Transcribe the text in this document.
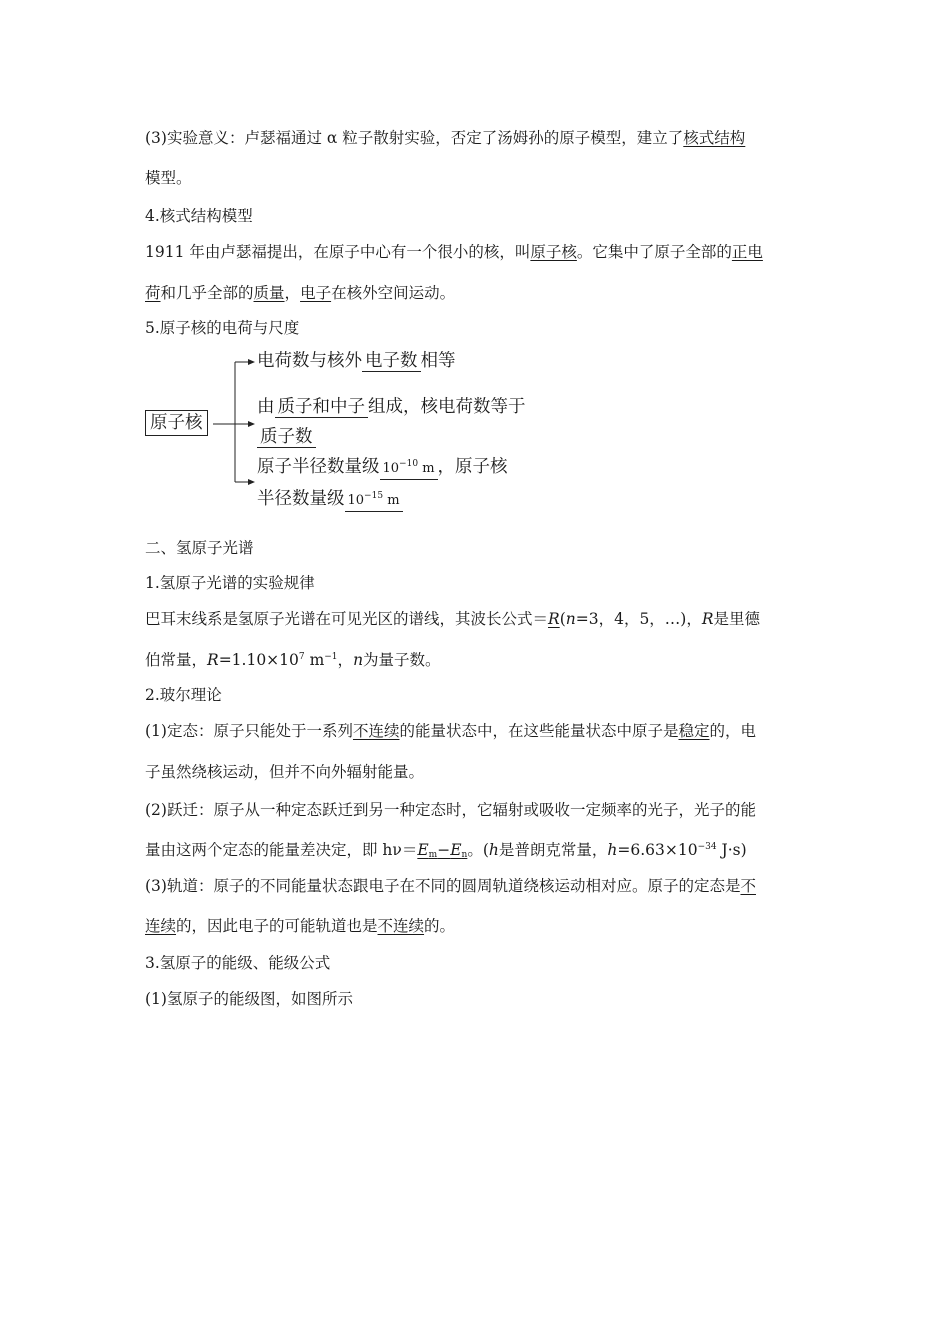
(3)实验意义：卢瑟福通过 α 粒子散射实验，否定了汤姆孙的原子模型，建立了核式结构
模型。
4.核式结构模型
1911 年由卢瑟福提出，在原子中心有一个很小的核，叫原子核。它集中了原子全部的正电
荷和几乎全部的质量，电子在核外空间运动。
5.原子核的电荷与尺度
原子核
电荷数与核外 电子数 相等
由 质子和中子 组成，核电荷数等于
质子数
原子半径数量级 $10^{-10}$ m ，原子核
半径数量级 $10^{-15}$ m
二、氢原子光谱
1.氢原子光谱的实验规律
巴耳末线系是氢原子光谱在可见光区的谱线，其波长公式＝R(n=3，4，5，…)，R是里德
伯常量，$R=1.10\times 10^7$ $m^{-1}$，n为量子数。
2.玻尔理论
(1)定态：原子只能处于一系列不连续的能量状态中，在这些能量状态中原子是稳定的，电
子虽然绕核运动，但并不向外辐射能量。
(2)跃迁：原子从一种定态跃迁到另一种定态时，它辐射或吸收一定频率的光子，光子的能
量由这两个定态的能量差决定，即 $h\nu=E_m-E_n$。(h是普朗克常量，$h=6.63\times 10^{-34}$ J·s)
(3)轨道：原子的不同能量状态跟电子在不同的圆周轨道绕核运动相对应。原子的定态是不
连续的，因此电子的可能轨道也是不连续的。
3.氢原子的能级、能级公式
(1)氢原子的能级图，如图所示
